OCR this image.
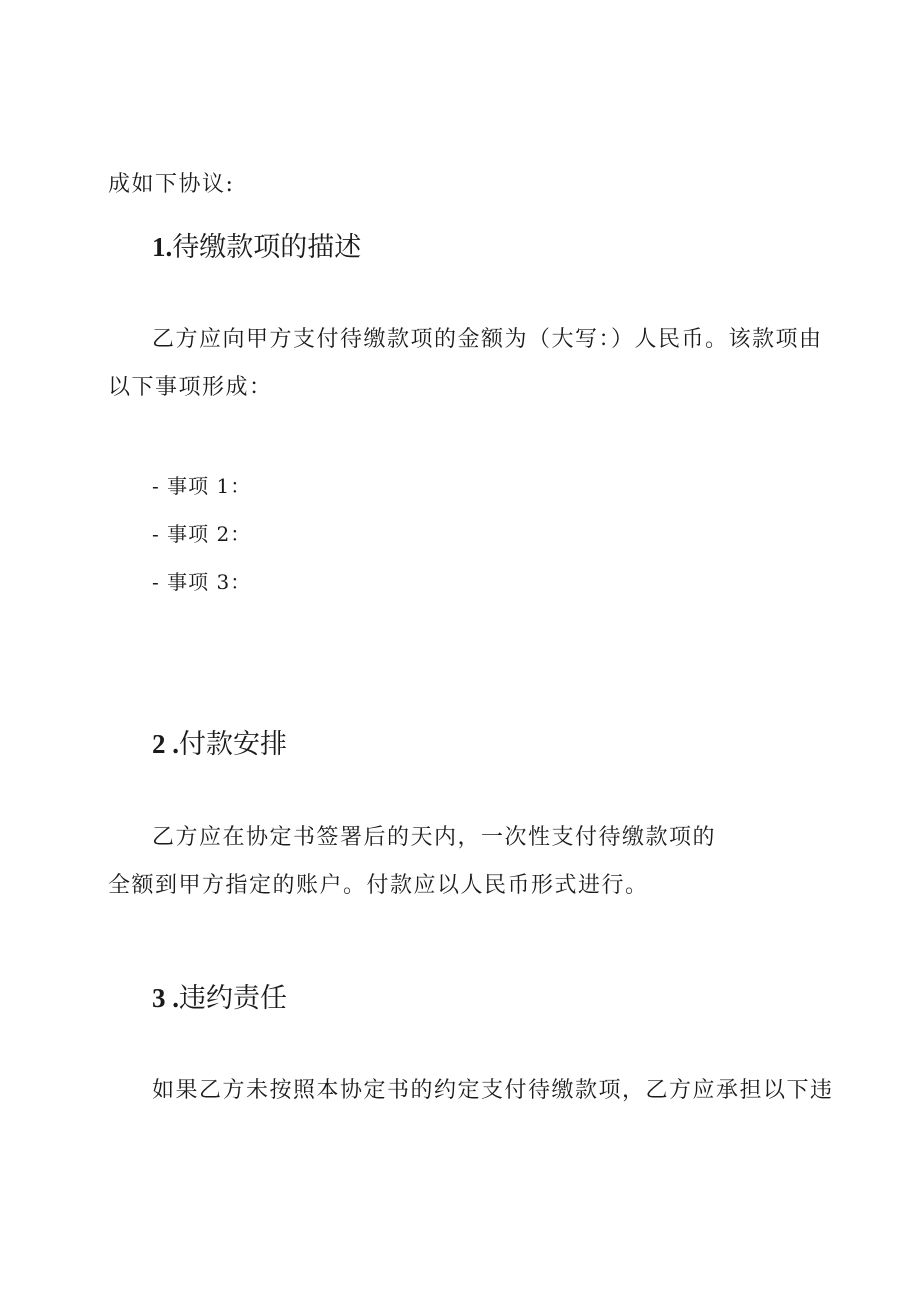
成如下协议:
1.待缴款项的描述
乙方应向甲方支付待缴款项的金额为（大写：）人民币。该款项由
以下事项形成：
- 事项 1：
- 事项 2：
- 事项 3：
2 .付款安排
乙方应在协定书签署后的天内，一次性支付待缴款项的
全额到甲方指定的账户。付款应以人民币形式进行。
3 .违约责任
如果乙方未按照本协定书的约定支付待缴款项，乙方应承担以下违
